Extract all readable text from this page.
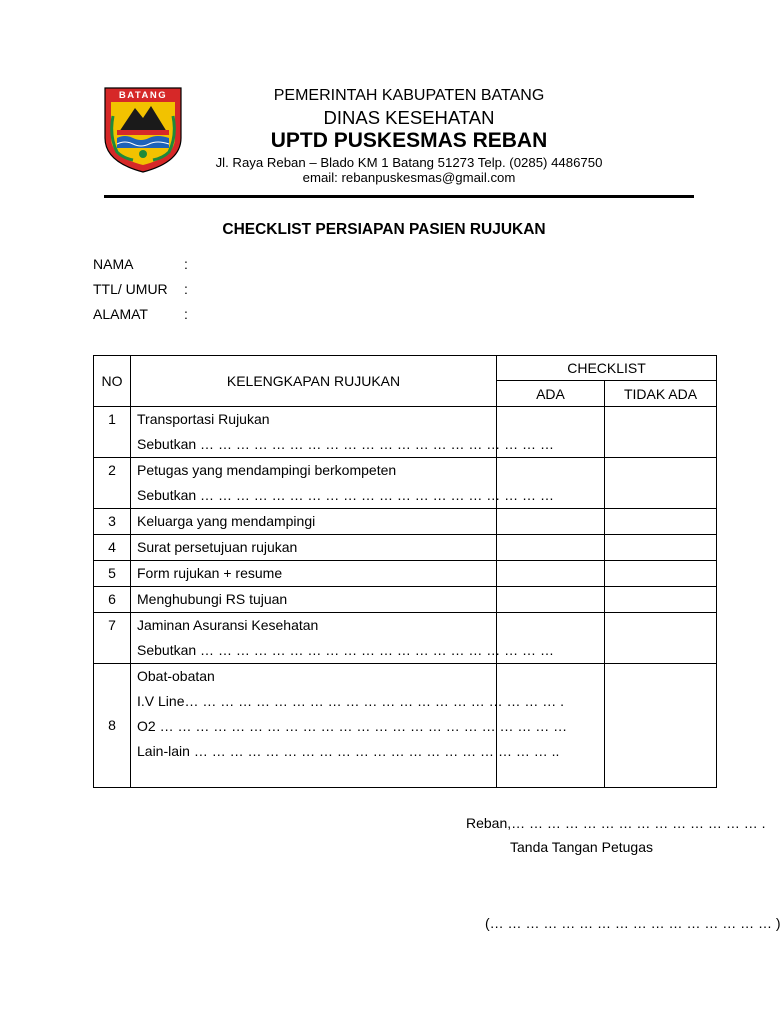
BATANG	PEMERINTAH KABUPATEN BATANG
DINAS KESEHATAN
UPTD PUSKESMAS REBAN
Jl. Raya Reban – Blado KM 1 Batang 51273 Telp. (0285) 4486750
email: rebanpuskesmas@gmail.com
CHECKLIST PERSIAPAN PASIEN RUJUKAN
NAMA	:
TTL/ UMUR :
ALAMAT	:
NO	KELENGKAPAN RUJUKAN	CHECKLIST	
		ADA	TIDAK ADA

1	Transportasi Rujukan
Sebutkan … … … … … … … … … … … … … … … … … … … …		

2	Petugas yang mendampingi berkompeten
Sebutkan … … … … … … … … … … … … … … … … … … … …		

3	Keluarga yang mendampingi		

4	Surat persetujuan rujukan		

5	Form rujukan + resume		

6	Menghubungi RS tujuan		

7	Jaminan Asuransi Kesehatan
Sebutkan … … … … … … … … … … … … … … … … … … … …		

8	Obat-obatan
I.V Line… … … … … … … … … … … … … … … … … … … … … .
O2 … … … … … … … … … … … … … … … … … … … … … … …
Lain-lain … … … … … … … … … … … … … … … … … … … … ..		

Reban,… … … … … … … … … … … … … … .
Tanda Tangan Petugas
(… … … … … … … … … … … … … … … … )
